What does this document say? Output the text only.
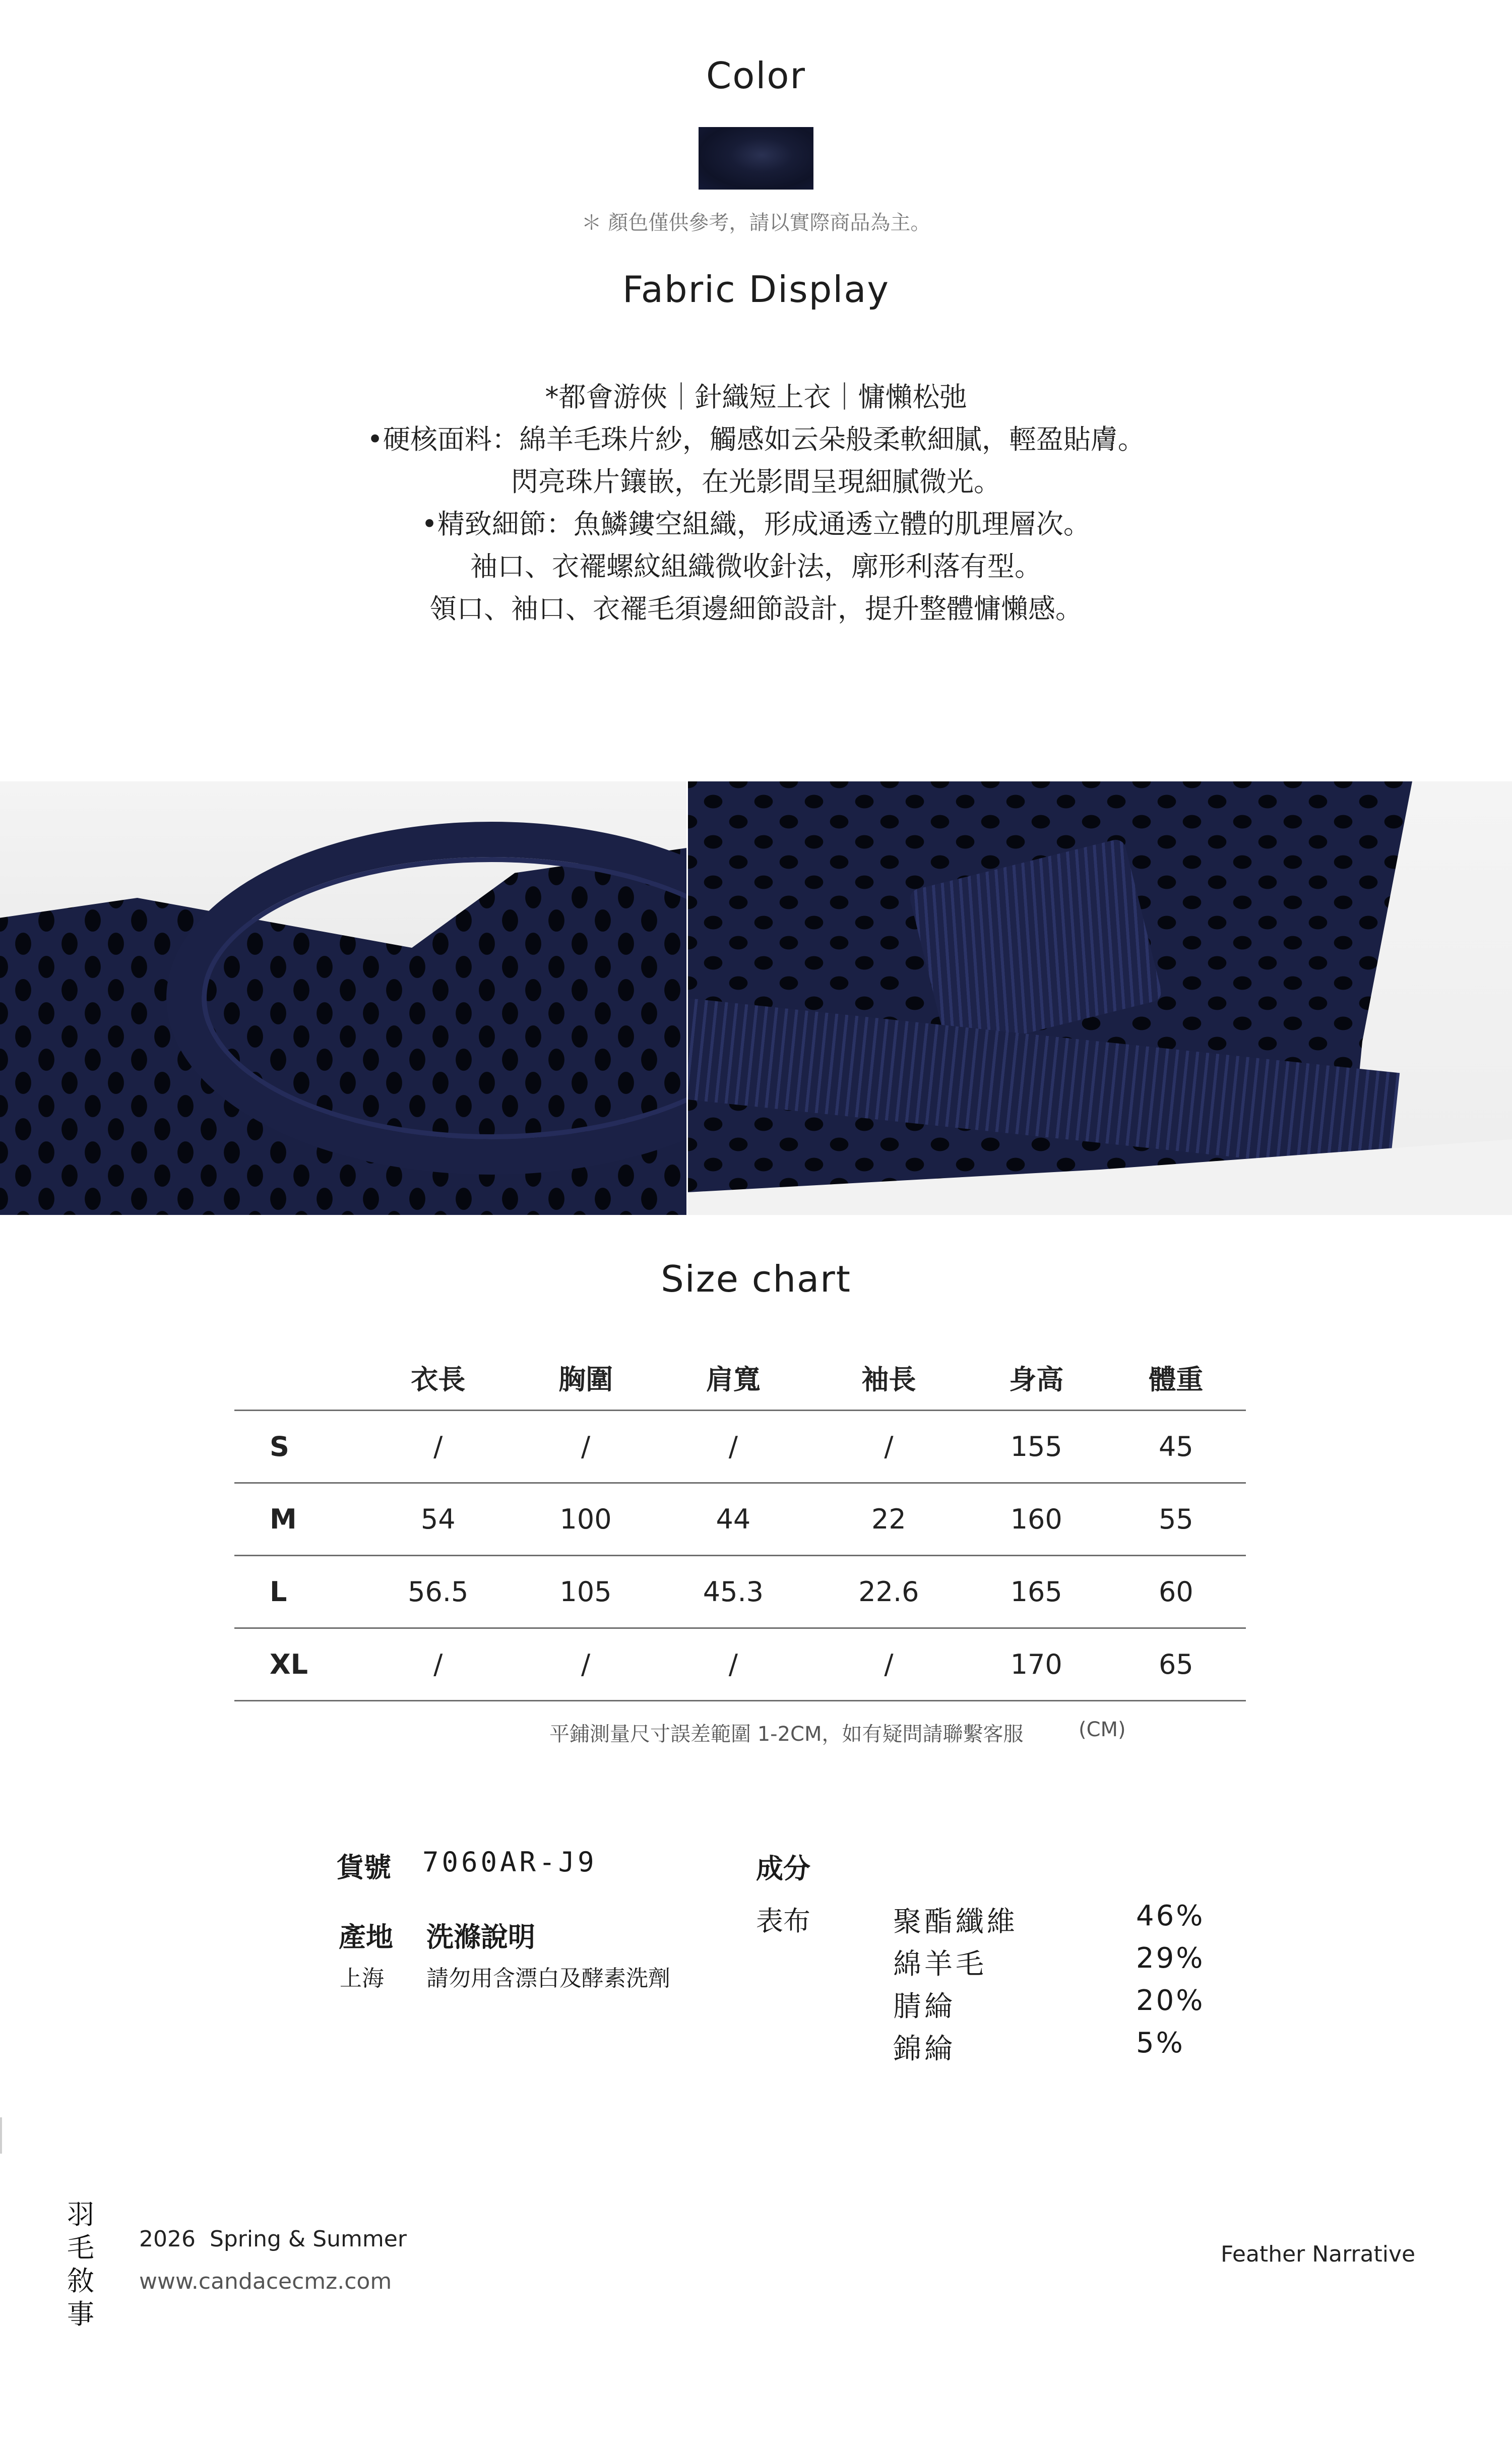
Color
＊ 顏色僅供參考，請以實際商品為主。
Fabric Display
*都會游俠｜針織短上衣｜慵懶松弛
•硬核面料：綿羊毛珠片紗，觸感如云朵般柔軟細膩，輕盈貼膚。
閃亮珠片鑲嵌，在光影間呈現細膩微光。
•精致細節：魚鱗鏤空組織，形成通透立體的肌理層次。
袖口、衣襬螺紋組織微收針法，廓形利落有型。
領口、袖口、衣襬毛須邊細節設計，提升整體慵懶感。
Size chart
	衣長	胸圍	肩寬	袖長	身高	體重
S	/	/	/	/	155	45
M	54	100	44	22	160	55
L	56.5	105	45.3	22.6	165	60
XL	/	/	/	/	170	65
平鋪測量尺寸誤差範圍 1-2CM，如有疑問請聯繫客服	(CM)
貨號 7060AR-J9
產地 洗滌說明
上海 請勿用含漂白及酵素洗劑
成分
表布	聚酯纖維	46%
綿羊毛	29%
腈綸	20%
錦綸	5%
羽
毛
敘
事
2026  Spring & Summer
www.candacecmz.com
Feather Narrative
